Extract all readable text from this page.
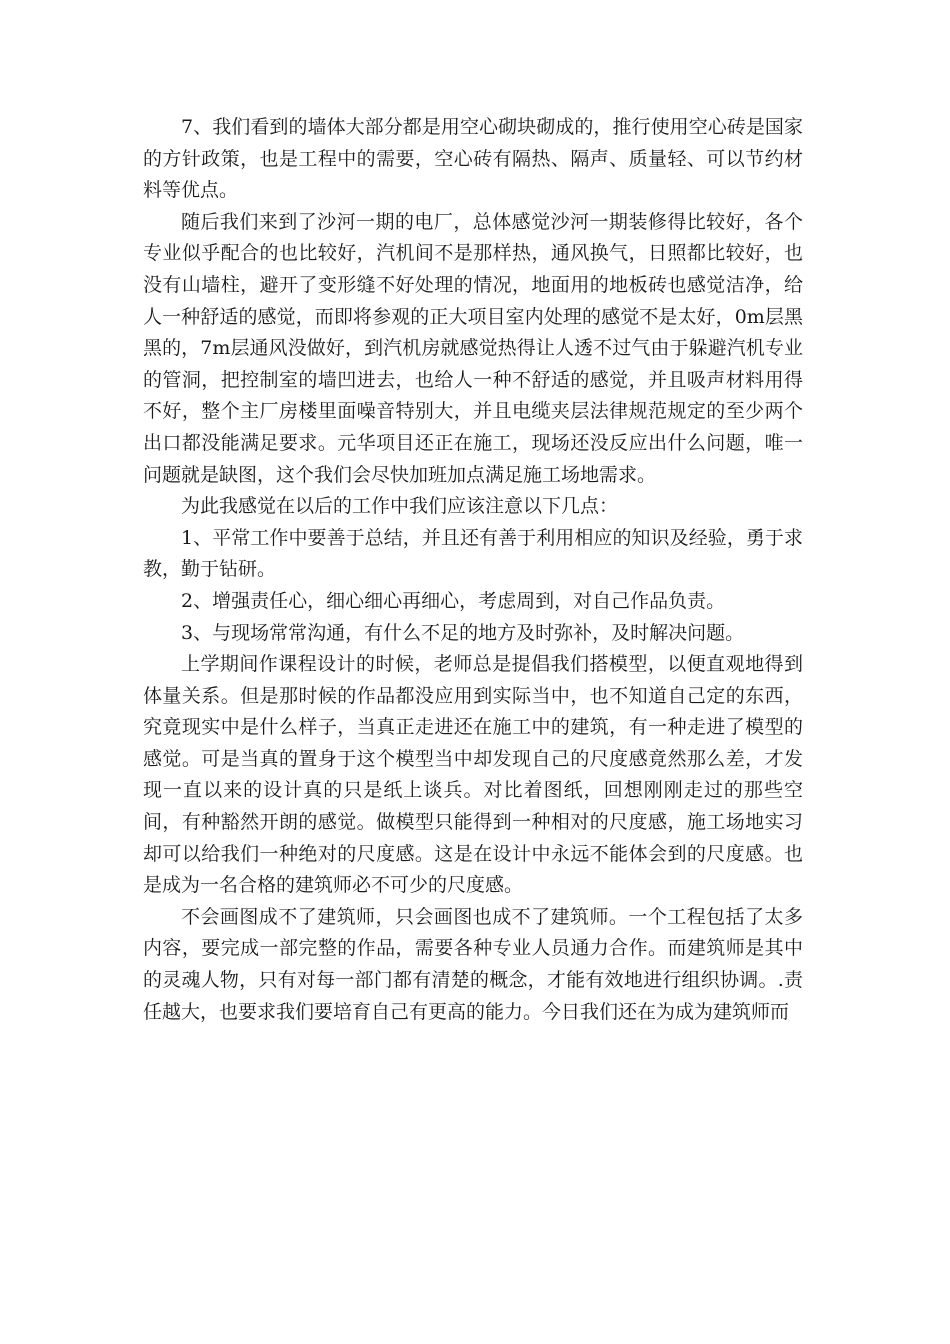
7、我们看到的墙体大部分都是用空心砌块砌成的，推行使用空心砖是国家的方针政策，也是工程中的需要，空心砖有隔热、隔声、质量轻、可以节约材料等优点。

随后我们来到了沙河一期的电厂，总体感觉沙河一期装修得比较好，各个专业似乎配合的也比较好，汽机间不是那样热，通风换气，日照都比较好，也没有山墙柱，避开了变形缝不好处理的情况，地面用的地板砖也感觉洁净，给人一种舒适的感觉，而即将参观的正大项目室内处理的感觉不是太好，0m层黑黑的，7m层通风没做好，到汽机房就感觉热得让人透不过气由于躲避汽机专业的管洞，把控制室的墙凹进去，也给人一种不舒适的感觉，并且吸声材料用得不好，整个主厂房楼里面噪音特别大，并且电缆夹层法律规范规定的至少两个出口都没能满足要求。元华项目还正在施工，现场还没反应出什么问题，唯一问题就是缺图，这个我们会尽快加班加点满足施工场地需求。

为此我感觉在以后的工作中我们应该注意以下几点：

1、平常工作中要善于总结，并且还有善于利用相应的知识及经验，勇于求教，勤于钻研。

2、增强责任心，细心细心再细心，考虑周到，对自己作品负责。

3、与现场常常沟通，有什么不足的地方及时弥补，及时解决问题。

上学期间作课程设计的时候，老师总是提倡我们搭模型，以便直观地得到体量关系。但是那时候的作品都没应用到实际当中，也不知道自己定的东西，究竟现实中是什么样子，当真正走进还在施工中的建筑，有一种走进了模型的感觉。可是当真的置身于这个模型当中却发现自己的尺度感竟然那么差，才发现一直以来的设计真的只是纸上谈兵。对比着图纸，回想刚刚走过的那些空间，有种豁然开朗的感觉。做模型只能得到一种相对的尺度感，施工场地实习却可以给我们一种绝对的尺度感。这是在设计中永远不能体会到的尺度感。也是成为一名合格的建筑师必不可少的尺度感。

不会画图成不了建筑师，只会画图也成不了建筑师。一个工程包括了太多内容，要完成一部完整的作品，需要各种专业人员通力合作。而建筑师是其中的灵魂人物，只有对每一部门都有清楚的概念，才能有效地进行组织协调。.责任越大，也要求我们要培育自己有更高的能力。今日我们还在为成为建筑师而
